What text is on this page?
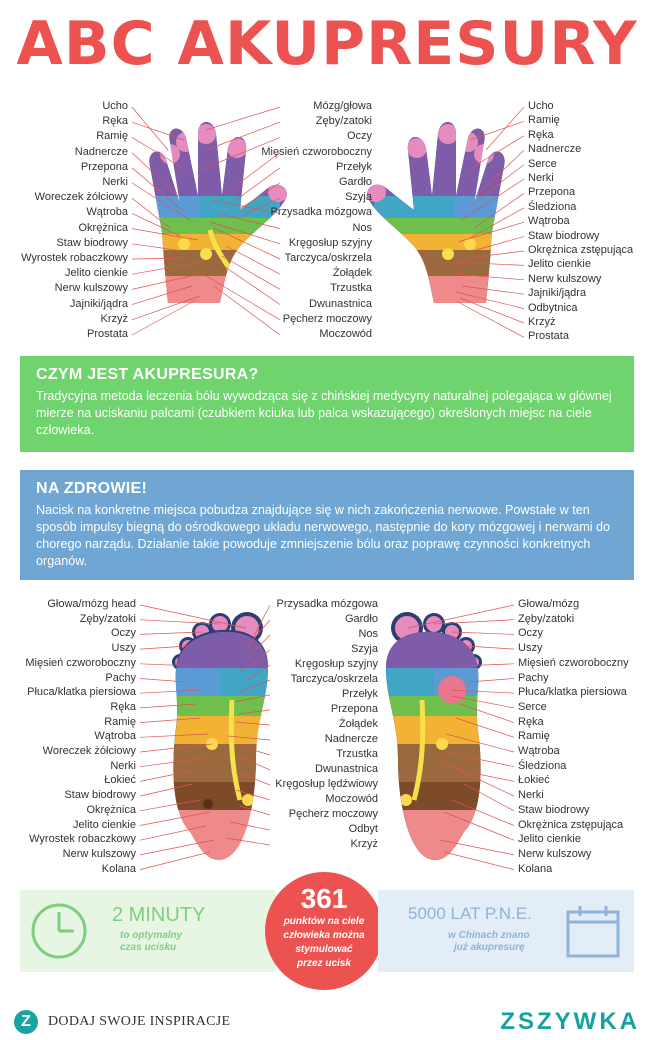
ABC AKUPRESURY
Ucho
Ręka
Ramię
Nadnercze
Przepona
Nerki
Woreczek żółciowy
Wątroba
Okrężnica
Staw biodrowy
Wyrostek robaczkowy
Jelito cienkie
Nerw kulszowy
Jajniki/jądra
Krzyż
Prostata
Mózg/głowa
Zęby/zatoki
Oczy
Mięsień czworoboczny
Przełyk
Gardło
Szyja
Przysadka mózgowa
Nos
Kręgosłup szyjny
Tarczyca/oskrzela
Żołądek
Trzustka
Dwunastnica
Pęcherz moczowy
Moczowód
Ucho
Ramię
Ręka
Nadnercze
Serce
Nerki
Przepona
Śledziona
Wątroba
Staw biodrowy
Okrężnica zstępująca
Jelito cienkie
Nerw kulszowy
Jajniki/jądra
Odbytnica
Krzyż
Prostata
CZYM JEST AKUPRESURA?

Tradycyjna metoda leczenia bólu wywodząca się z chińskiej medycyny naturalnej polegająca w głównej mierze na uciskaniu palcami (czubkiem kciuka lub palca wskazującego) określonych miejsc na ciele człowieka.

NA ZDROWIE!

Nacisk na konkretne miejsca pobudza znajdujące się w nich zakończenia nerwowe. Powstałe w ten sposób impulsy biegną do ośrodkowego układu nerwowego, następnie do kory mózgowej i nerwami do chorego narządu. Działanie takie powoduje zmniejszenie bólu oraz poprawę czynności konkretnych organów.

Głowa/mózg head
Zęby/zatoki
Oczy
Uszy
Mięsień czworoboczny
Pachy
Płuca/klatka piersiowa
Ręka
Ramię
Wątroba
Woreczek żółciowy
Nerki
Łokieć
Staw biodrowy
Okrężnica
Jelito cienkie
Wyrostek robaczkowy
Nerw kulszowy
Kolana
Przysadka mózgowa
Gardło
Nos
Szyja
Kręgosłup szyjny
Tarczyca/oskrzela
Przełyk
Przepona
Żołądek
Nadnercze
Trzustka
Dwunastnica
Kręgosłup lędźwiowy
Moczowód
Pęcherz moczowy
Odbyt
Krzyż
Głowa/mózg
Zęby/zatoki
Oczy
Uszy
Mięsień czworoboczny
Pachy
Płuca/klatka piersiowa
Serce
Ręka
Ramię
Wątroba
Śledziona
Łokieć
Nerki
Staw biodrowy
Okrężnica zstępująca
Jelito cienkie
Nerw kulszowy
Kolana
2 MINUTY
to optymalny
czas ucisku
361
punktów na ciele
człowieka można
stymulować
przez ucisk
5000 LAT P.N.E.
w Chinach znano
już akupresurę
Z	DODAJ SWOJE INSPIRACJE	ZSZYWKA
